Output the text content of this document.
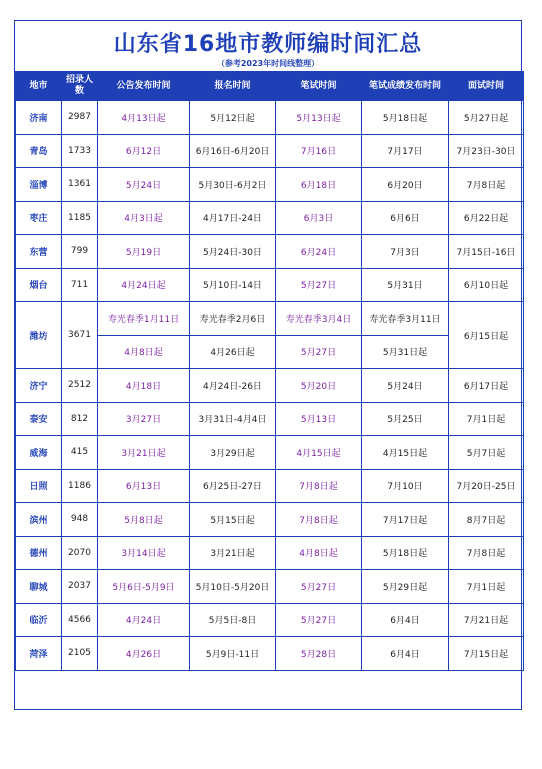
山东省16地市教师编时间汇总
（参考2023年时间线整理）
地市	招录人数	公告发布时间	报名时间	笔试时间	笔试成绩发布时间	面试时间
济南	2987	4月13日起	5月12日起	5月13日起	5月18日起	5月27日起
青岛	1733	6月12日	6月16日-6月20日	7月16日	7月17日	7月23日-30日
淄博	1361	5月24日	5月30日-6月2日	6月18日	6月20日	7月8日起
枣庄	1185	4月3日起	4月17日-24日	6月3日	6月6日	6月22日起
东营	799	5月19日	5月24日-30日	6月24日	7月3日	7月15日-16日
烟台	711	4月24日起	5月10日-14日	5月27日	5月31日	6月10日起
潍坊	3671	寿光春季1月11日	寿光春季2月6日	寿光春季3月4日	寿光春季3月11日	6月15日起
		4月8日起	4月26日起	5月27日	5月31日起	
济宁	2512	4月18日	4月24日-26日	5月20日	5月24日	6月17日起
泰安	812	3月27日	3月31日-4月4日	5月13日	5月25日	7月1日起
威海	415	3月21日起	3月29日起	4月15日起	4月15日起	5月7日起
日照	1186	6月13日	6月25日-27日	7月8日起	7月10日	7月20日-25日
滨州	948	5月8日起	5月15日起	7月8日起	7月17日起	8月7日起
德州	2070	3月14日起	3月21日起	4月8日起	5月18日起	7月8日起
聊城	2037	5月6日-5月9日	5月10日-5月20日	5月27日	5月29日起	7月1日起
临沂	4566	4月24日	5月5日-8日	5月27日	6月4日	7月21日起
菏泽	2105	4月26日	5月9日-11日	5月28日	6月4日	7月15日起
